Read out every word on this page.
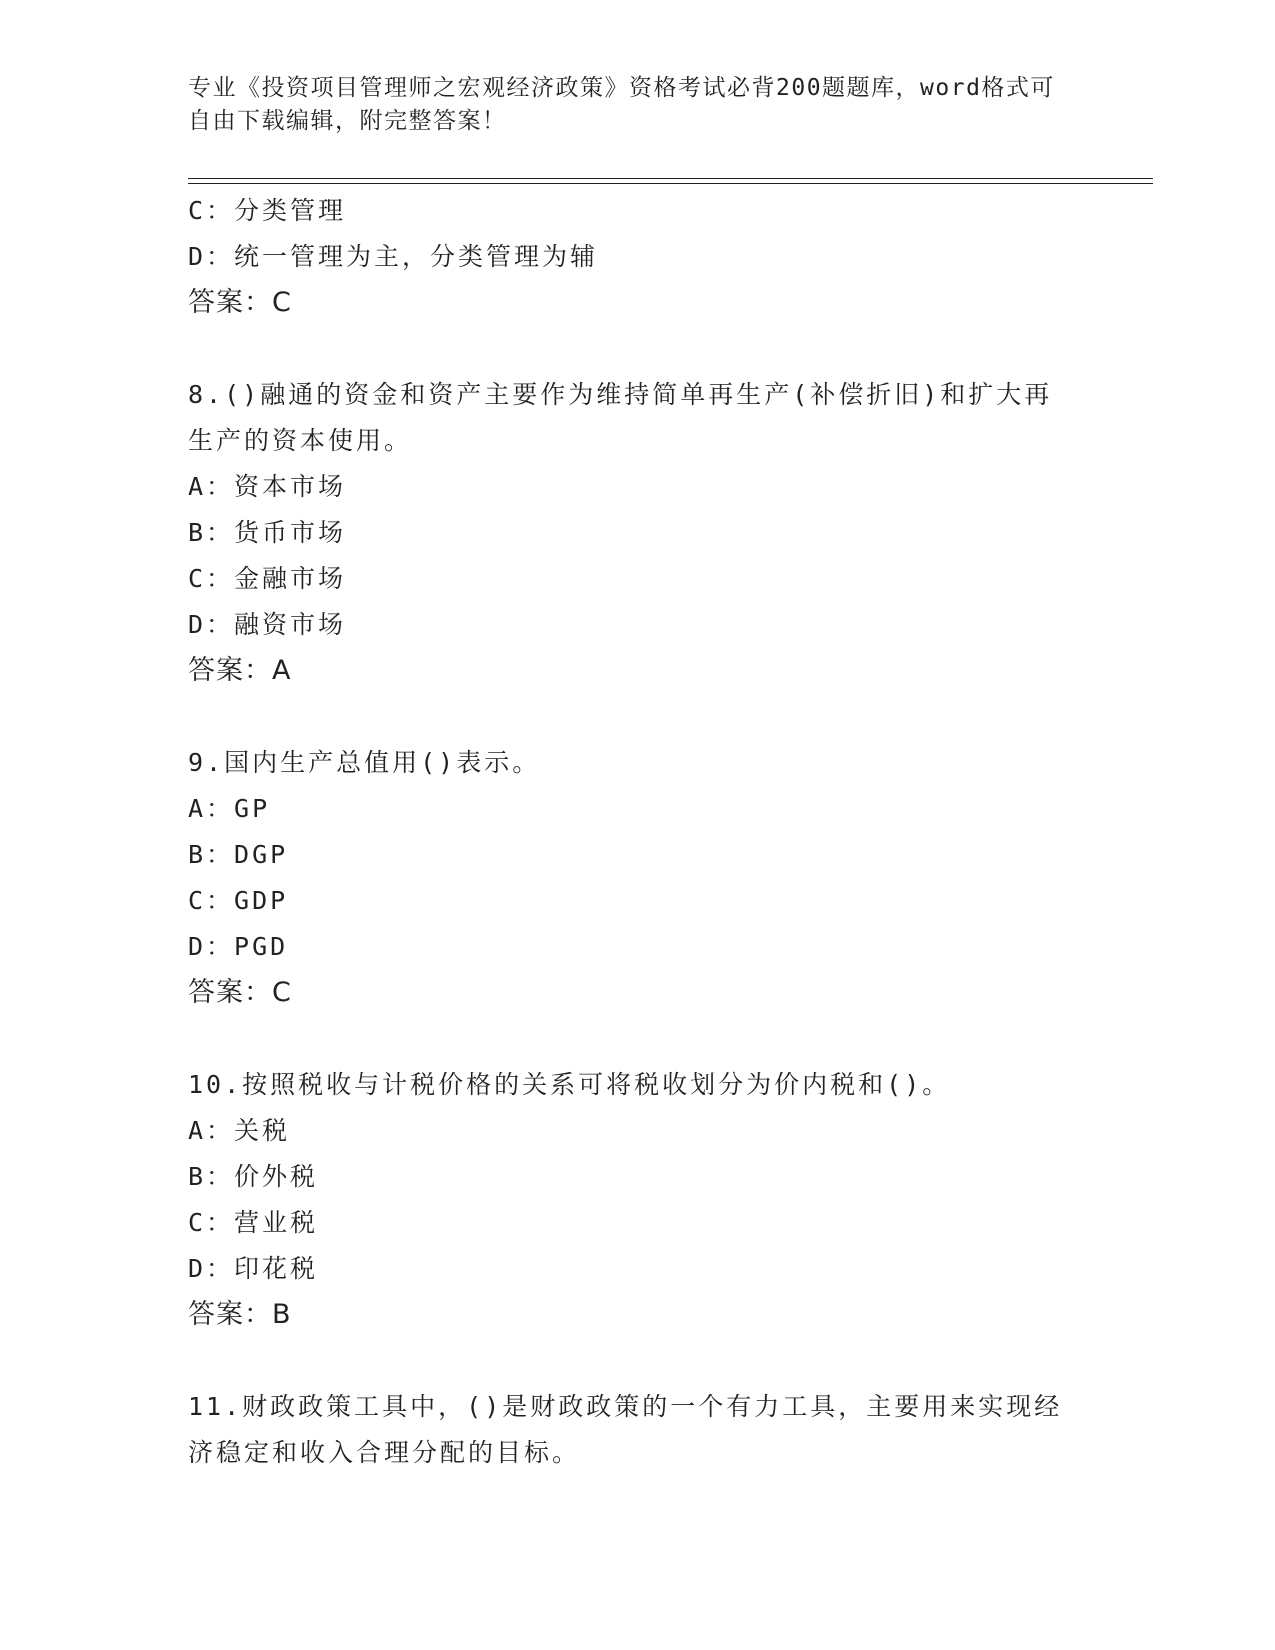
专业《投资项目管理师之宏观经济政策》资格考试必背200题题库，word格式可
自由下载编辑，附完整答案！
C：分类管理
D：统一管理为主，分类管理为辅
答案：C
8.()融通的资金和资产主要作为维持简单再生产(补偿折旧)和扩大再
生产的资本使用。
A：资本市场
B：货币市场
C：金融市场
D：融资市场
答案：A
9.国内生产总值用()表示。
A：GP
B：DGP
C：GDP
D：PGD
答案：C
10.按照税收与计税价格的关系可将税收划分为价内税和()。
A：关税
B：价外税
C：营业税
D：印花税
答案：B
11.财政政策工具中，()是财政政策的一个有力工具，主要用来实现经
济稳定和收入合理分配的目标。
